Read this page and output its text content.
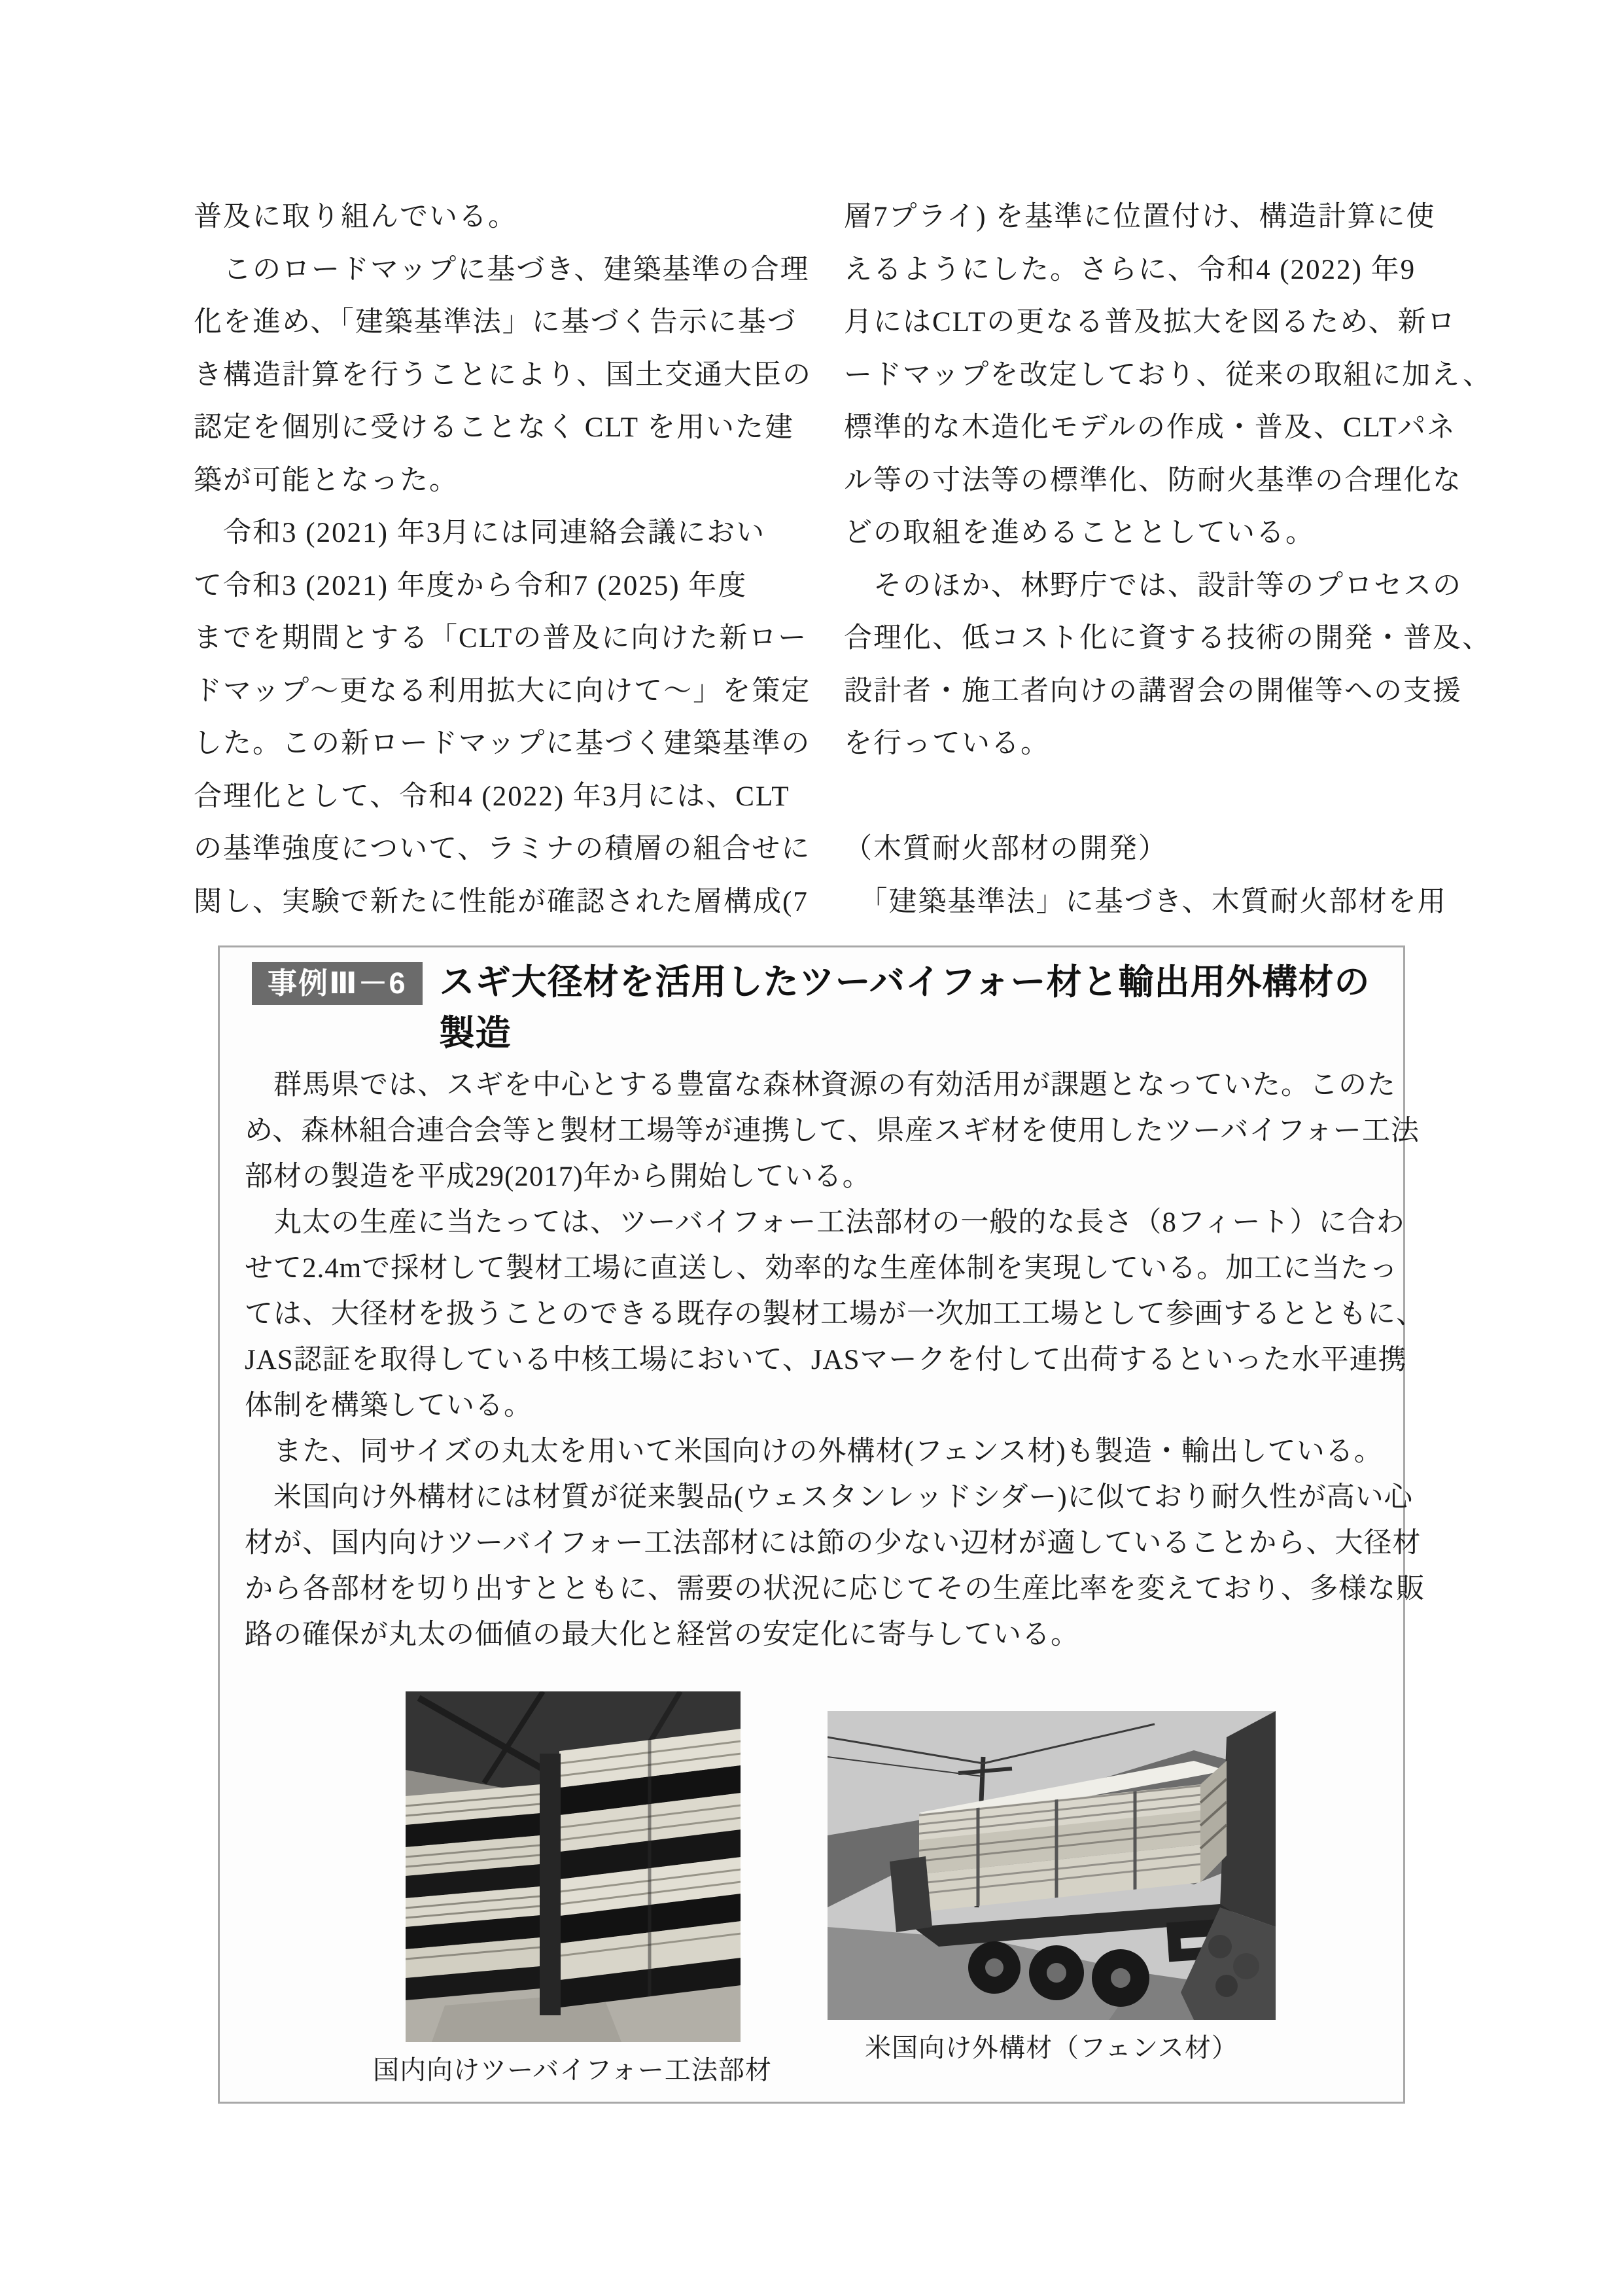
普及に取り組んでいる。
　このロードマップに基づき、建築基準の合理
化を進め、「建築基準法」に基づく告示に基づ
き構造計算を行うことにより、国土交通大臣の
認定を個別に受けることなく CLT を用いた建
築が可能となった。
　令和3 (2021) 年3月には同連絡会議におい
て令和3 (2021) 年度から令和7 (2025) 年度
までを期間とする「CLTの普及に向けた新ロー
ドマップ〜更なる利用拡大に向けて〜」を策定
した。この新ロードマップに基づく建築基準の
合理化として、令和4 (2022) 年3月には、CLT
の基準強度について、ラミナの積層の組合せに
関し、実験で新たに性能が確認された層構成(7
層7プライ) を基準に位置付け、構造計算に使
えるようにした。さらに、令和4 (2022) 年9
月にはCLTの更なる普及拡大を図るため、新ロ
ードマップを改定しており、従来の取組に加え、
標準的な木造化モデルの作成・普及、CLTパネ
ル等の寸法等の標準化、防耐火基準の合理化な
どの取組を進めることとしている。
　そのほか、林野庁では、設計等のプロセスの
合理化、低コスト化に資する技術の開発・普及、
設計者・施工者向けの講習会の開催等への支援
を行っている。
（木質耐火部材の開発）
　「建築基準法」に基づき、木質耐火部材を用
事例Ⅲ－6 スギ大径材を活用したツーバイフォー材と輸出用外構材の
製造
　群馬県では、スギを中心とする豊富な森林資源の有効活用が課題となっていた。このた
め、森林組合連合会等と製材工場等が連携して、県産スギ材を使用したツーバイフォー工法
部材の製造を平成29(2017)年から開始している。
　丸太の生産に当たっては、ツーバイフォー工法部材の一般的な長さ（8フィート）に合わ
せて2.4mで採材して製材工場に直送し、効率的な生産体制を実現している。加工に当たっ
ては、大径材を扱うことのできる既存の製材工場が一次加工工場として参画するとともに、
JAS認証を取得している中核工場において、JASマークを付して出荷するといった水平連携
体制を構築している。
　また、同サイズの丸太を用いて米国向けの外構材(フェンス材)も製造・輸出している。
　米国向け外構材には材質が従来製品(ウェスタンレッドシダー)に似ており耐久性が高い心
材が、国内向けツーバイフォー工法部材には節の少ない辺材が適していることから、大径材
から各部材を切り出すとともに、需要の状況に応じてその生産比率を変えており、多様な販
路の確保が丸太の価値の最大化と経営の安定化に寄与している。
国内向けツーバイフォー工法部材
米国向け外構材（フェンス材）
